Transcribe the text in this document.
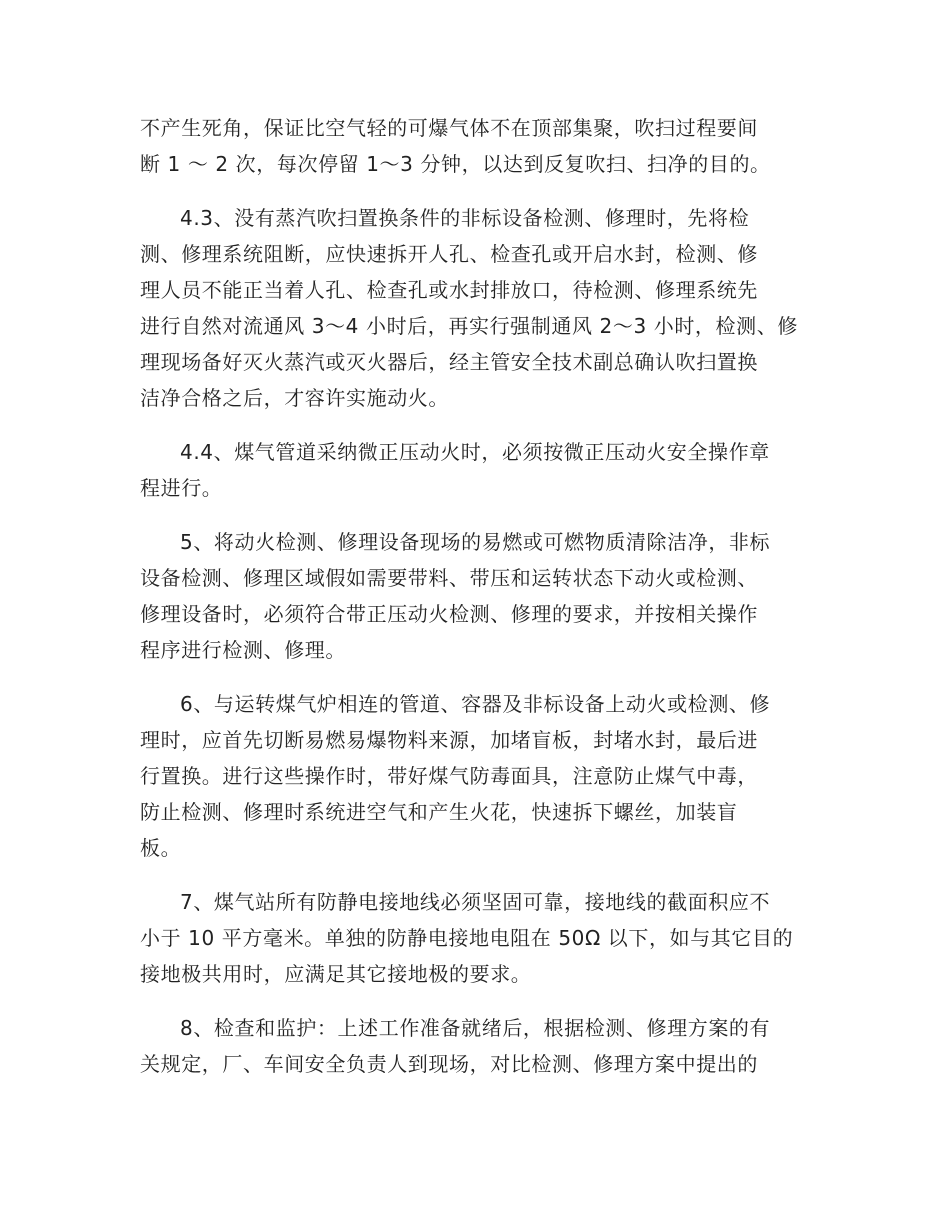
不产生死角，保证比空气轻的可爆气体不在顶部集聚，吹扫过程要间
断 1 ～ 2 次，每次停留 1～3 分钟，以达到反复吹扫、扫净的目的。

4.3、没有蒸汽吹扫置换条件的非标设备检测、修理时，先将检
测、修理系统阻断，应快速拆开人孔、检查孔或开启水封，检测、修
理人员不能正当着人孔、检查孔或水封排放口，待检测、修理系统先
进行自然对流通风 3～4 小时后，再实行强制通风 2～3 小时，检测、修
理现场备好灭火蒸汽或灭火器后，经主管安全技术副总确认吹扫置换
洁净合格之后，才容许实施动火。

4.4、煤气管道采纳微正压动火时，必须按微正压动火安全操作章
程进行。

5、将动火检测、修理设备现场的易燃或可燃物质清除洁净，非标
设备检测、修理区域假如需要带料、带压和运转状态下动火或检测、
修理设备时，必须符合带正压动火检测、修理的要求，并按相关操作
程序进行检测、修理。

6、与运转煤气炉相连的管道、容器及非标设备上动火或检测、修
理时，应首先切断易燃易爆物料来源，加堵盲板，封堵水封，最后进
行置换。进行这些操作时，带好煤气防毒面具，注意防止煤气中毒，
防止检测、修理时系统进空气和产生火花，快速拆下螺丝，加装盲
板。

7、煤气站所有防静电接地线必须坚固可靠，接地线的截面积应不
小于 10 平方毫米。单独的防静电接地电阻在 50Ω 以下，如与其它目的
接地极共用时，应满足其它接地极的要求。

8、检查和监护：上述工作准备就绪后，根据检测、修理方案的有
关规定，厂、车间安全负责人到现场，对比检测、修理方案中提出的
